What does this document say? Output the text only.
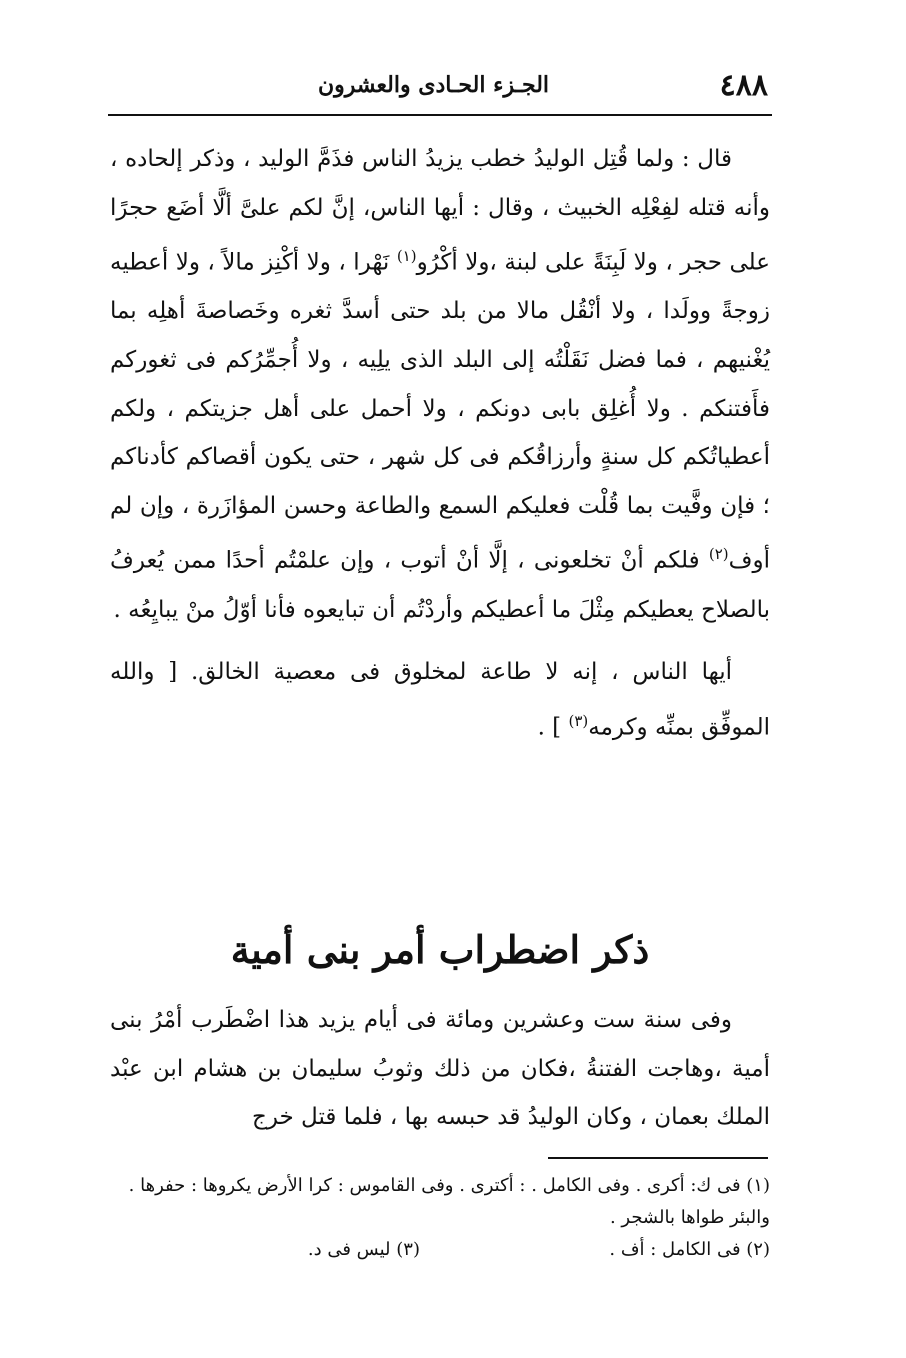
٤٨٨
الجـزء الحـادى والعشرون

قال : ولما قُتِل الوليدُ خطب يزيدُ الناس فذَمَّ الوليد ، وذكر إلحاده ، وأنه قتله لفِعْلِه الخبيث ، وقال : أيها الناس، إنَّ لكم علىَّ ألَّا أضَع حجرًا على حجر ، ولا لَبِنَةً على لبنة ،ولا أكْرُو$^{(١)}$ نَهْرا ، ولا أكْنِز مالاً ، ولا أعطيه زوجةً وولَدا ، ولا أنْقُل مالا من بلد حتى أسدَّ ثغره وخَصاصةَ أهلِه بما يُغْنيهم ، فما فضل نَقَلْتُه إلى البلد الذى يلِيه ، ولا أُجمِّرُكم فى ثغوركم فأَفتنكم . ولا أُغلِق بابى دونكم ، ولا أحمل على أهل جزيتكم ، ولكم أعطياتُكم كل سنةٍ وأرزاقُكم فى كل شهر ، حتى يكون أقصاكم كأدناكم ؛ فإن وفَّيت بما قُلْت فعليكم السمع والطاعة وحسن المؤازَرة ، وإن لم أوف$^{(٢)}$ فلكم أنْ تخلعونى ، إلَّا أنْ أتوب ، وإن علمْتُم أحدًا ممن يُعرفُ بالصلاح يعطيكم مِثْلَ ما أعطيكم وأردْتُم أن تبايعوه فأنا أوّلُ منْ يبايِعُه .

أيها الناس ، إنه لا طاعة لمخلوق فى معصية الخالق. [ والله الموفِّق بمنِّه وكرمه$^{(٣)}$ ] .

ذكر اضطراب أمر بنى أمية

وفى سنة ست وعشرين ومائة فى أيام يزيد هذا اضْطَرب أمْرُ بنى أمية ،وهاجت الفتنةُ ،فكان من ذلك وثوبُ سليمان بن هشام ابن عبْد الملك بعمان ، وكان الوليدُ قد حبسه بها ، فلما قتل خرج

(١) فى ك: أكرى . وفى الكامل . : أكترى . وفى القاموس : كرا الأرض يكروها : حفرها . والبئر طواها بالشجر .
(٢) فى الكامل : أف .
(٣) ليس فى د.
